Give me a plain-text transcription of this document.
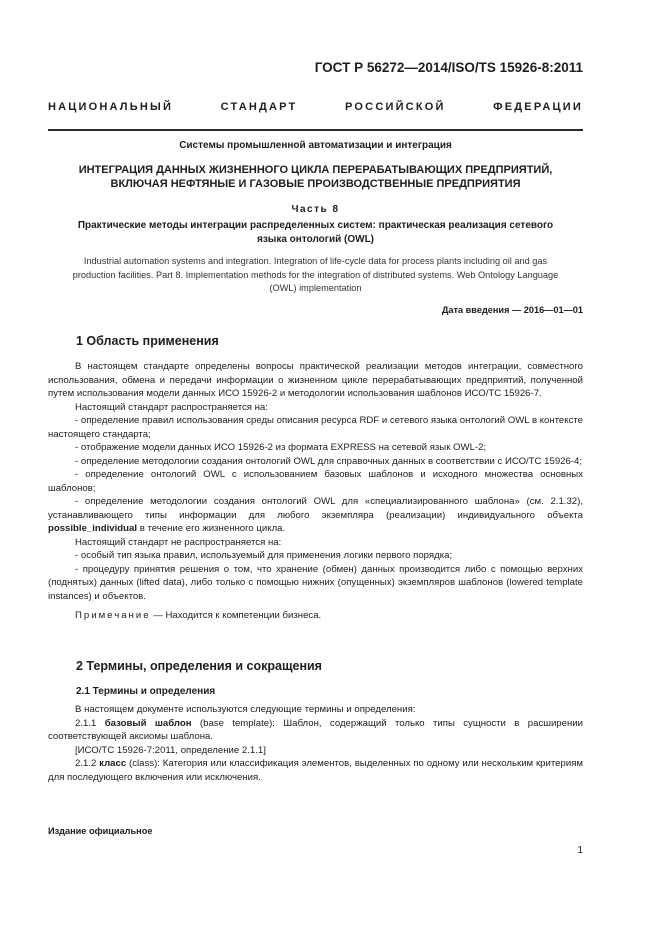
ГОСТ Р 56272—2014/ISO/TS 15926-8:2011
НАЦИОНАЛЬНЫЙ СТАНДАРТ РОССИЙСКОЙ ФЕДЕРАЦИИ
Системы промышленной автоматизации и интеграция
ИНТЕГРАЦИЯ ДАННЫХ ЖИЗНЕННОГО ЦИКЛА ПЕРЕРАБАТЫВАЮЩИХ ПРЕДПРИЯТИЙ,
ВКЛЮЧАЯ НЕФТЯНЫЕ И ГАЗОВЫЕ ПРОИЗВОДСТВЕННЫЕ ПРЕДПРИЯТИЯ
Часть 8
Практические методы интеграции распределенных систем: практическая реализация сетевого
языка онтологий (OWL)
Industrial automation systems and integration. Integration of life-cycle data for process plants including oil and gas
production facilities. Part 8. Implementation methods for the integration of distributed systems. Web Ontology Language
(OWL) implementation
Дата введения — 2016—01—01
1 Область применения

В настоящем стандарте определены вопросы практической реализации методов интеграции, совместного использования, обмена и передачи информации о жизненном цикле перерабатывающих предприятий, полученной путем использования модели данных ИСО 15926-2 и методологии использования шаблонов ИСО/ТС 15926-7.

Настоящий стандарт распространяется на:

- определение правил использования среды описания ресурса RDF и сетевого языка онтологий OWL в контексте настоящего стандарта;

- отображение модели данных ИСО 15926-2 из формата EXPRESS на сетевой язык OWL-2;

- определение методологии создания онтологий OWL для справочных данных в соответствии с ИСО/ТС 15926-4;

- определение онтологий OWL с использованием базовых шаблонов и исходного множества основных шаблонов;

- определение методологии создания онтологий OWL для «специализированного шаблона» (см. 2.1.32), устанавливающего типы информации для любого экземпляра (реализации) индивидуального объекта possible_individual в течение его жизненного цикла.

Настоящий стандарт не распространяется на:

- особый тип языка правил, используемый для применения логики первого порядка;

- процедуру принятия решения о том, что хранение (обмен) данных производится либо с помощью верхних (поднятых) данных (lifted data), либо только с помощью нижних (опущенных) экземпляров шаблонов (lowered template instances) и объектов.

Примечание — Находится к компетенции бизнеса.

2 Термины, определения и сокращения
2.1 Термины и определения

В настоящем документе используются следующие термины и определения:

2.1.1 базовый шаблон (base template): Шаблон, содержащий только типы сущности в расширении соответствующей аксиомы шаблона.

[ИСО/ТС 15926-7:2011, определение 2.1.1]

2.1.2 класс (class): Категория или классификация элементов, выделенных по одному или нескольким критериям для последующего включения или исключения.

Издание официальное
1
